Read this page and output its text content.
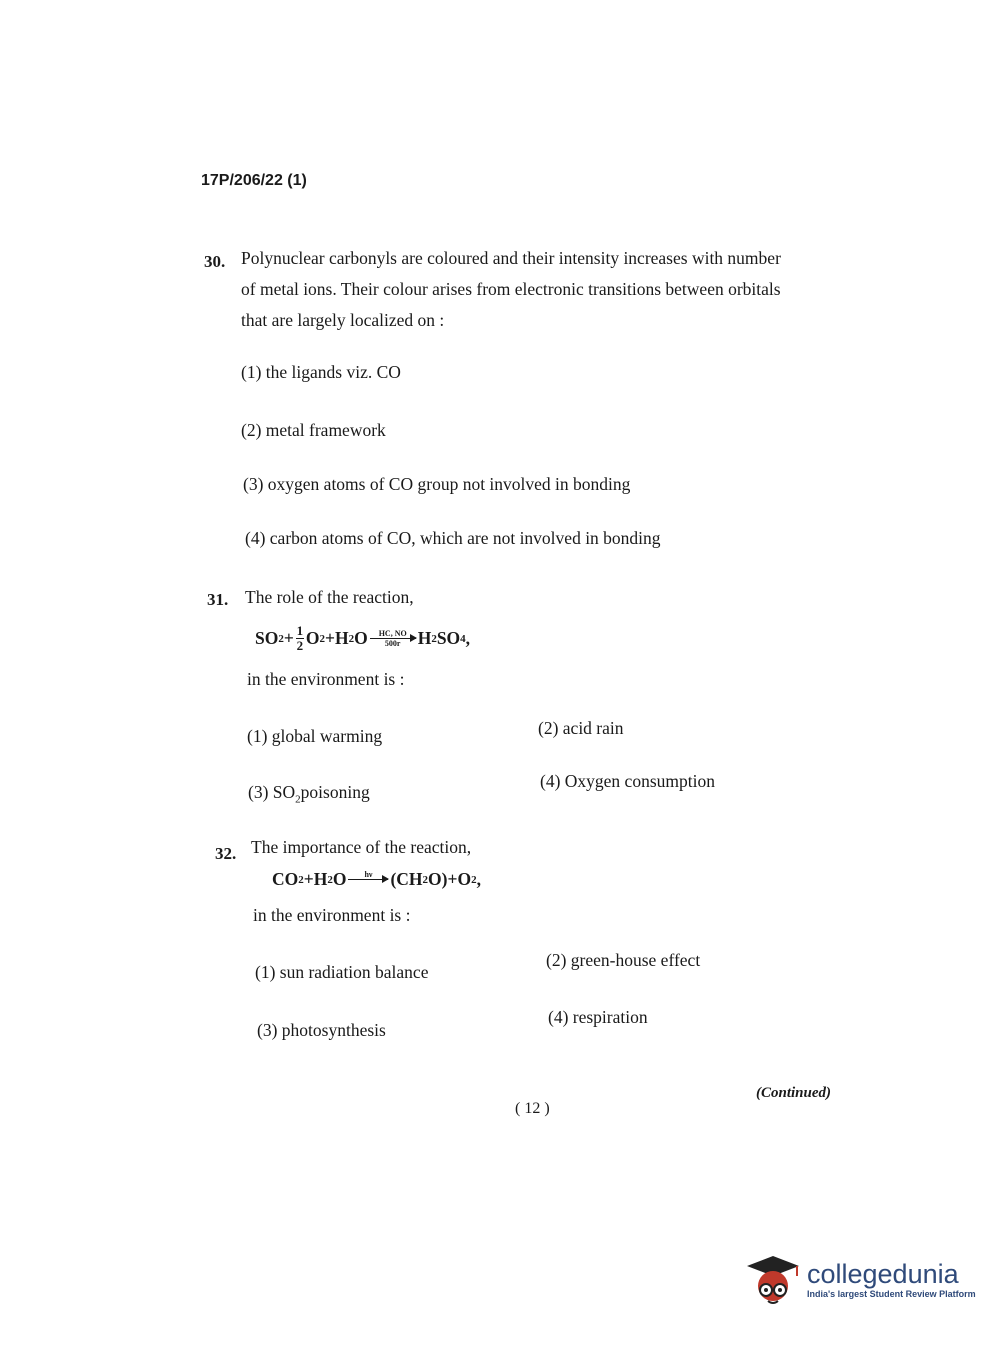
17P/206/22 (1)
30. Polynuclear carbonyls are coloured and their intensity increases with number
of metal ions. Their colour arises from electronic transitions between orbitals
that are largely localized on :
(1) the ligands viz. CO
(2) metal framework
(3) oxygen atoms of CO group not involved in bonding
(4) carbon atoms of CO, which are not involved in bonding
31. The role of the reaction,
SO $2 + \frac{1}{2}$ O 2 +H 2 O HC, NO
500r H 2 SO 4 ,
in the environment is :
(1) global warming	(2) acid rain
(3) $SO_2poisoning$
(4) Oxygen consumption
32. The importance of the reaction,
CO 2 +H 2 O hν
(CH 2 O)+O 2 ,
in the environment is :
(1) sun radiation balance
(2) green-house effect
(3) photosynthesis
(4) respiration
( 12 )
(Continued)
collegedunia
India's largest Student Review Platform
